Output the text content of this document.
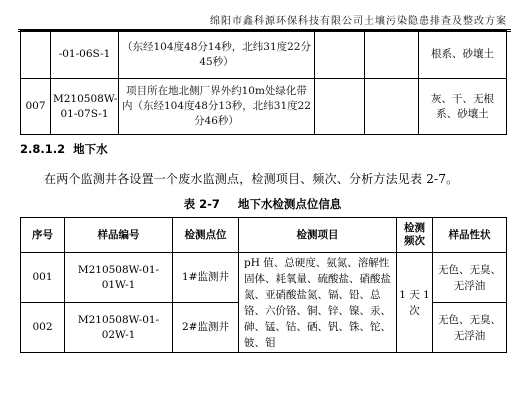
绵阳市鑫科源环保科技有限公司土壤污染隐患排查及整改方案
	-01-06S-1	（东经104度48分14秒，北纬31度22分45秒）			根系、砂壤土
007	M210508W-01-07S-1	项目所在地北侧厂界外约10m处绿化带内（东经104度48分13秒，北纬31度22分46秒）			灰、干、无根系、砂壤土
2.8.1.2 地下水
在两个监测井各设置一个废水监测点，检测项目、频次、分析方法见表 2-7。
表 2-7 地下水检测点位信息
序号	样品编号	检测点位	检测项目	检测频次	样品性状
001	M210508W-01-01W-1	1#监测井	pH 值、总硬度、氨氮、溶解性固体、耗氧量、硫酸盐、硝酸盐氮、亚硝酸盐氮、镉、铅、总铬、六价铬、铜、锌、镍、汞、砷、锰、钴、硒、钒、铢、铊、铍、钼	1 天 1 次	无色、无臭、无浮油
002	M210508W-01-02W-1	2#监测井			无色、无臭、无浮油
